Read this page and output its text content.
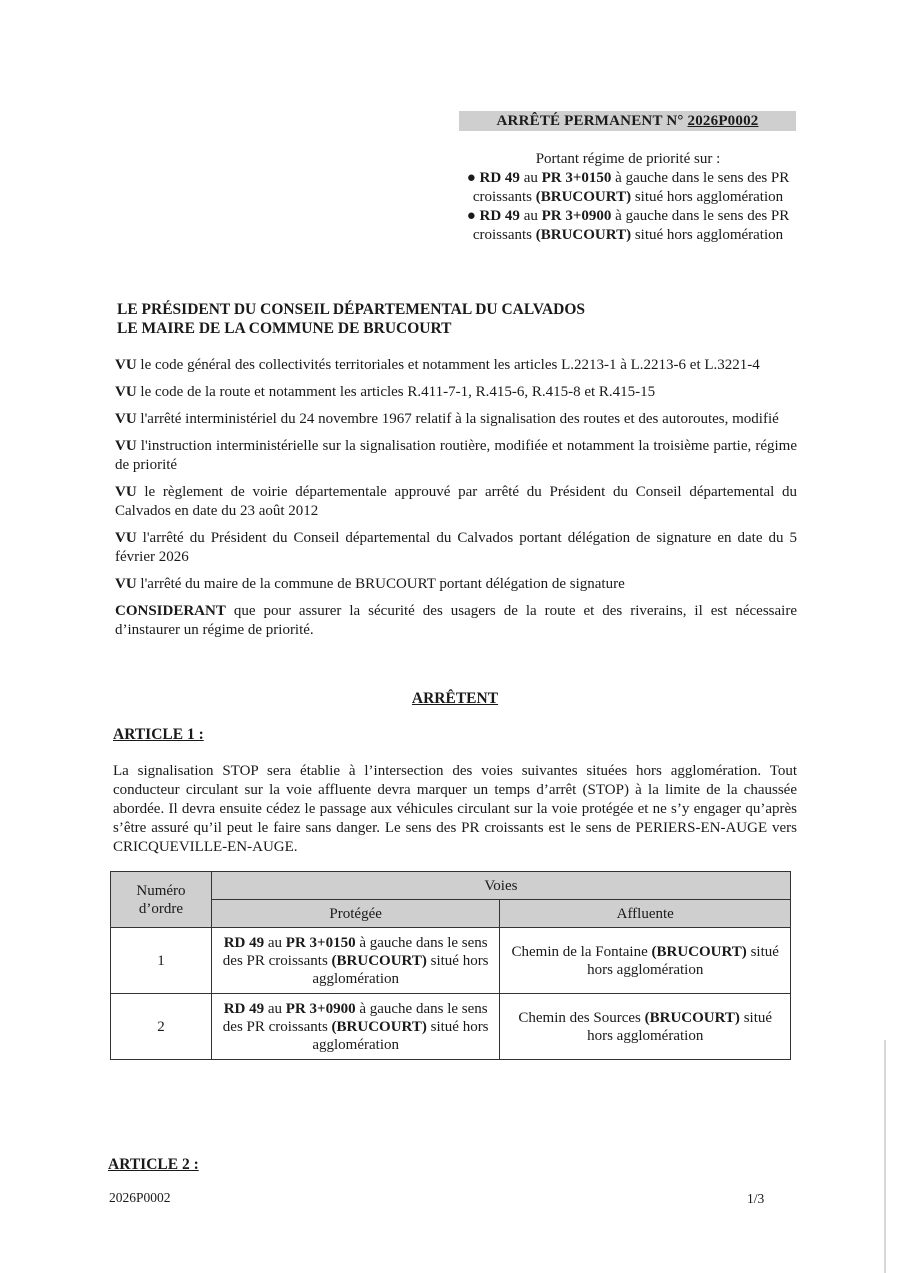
ARRÊTÉ PERMANENT N° 2026P0002

Portant régime de priorité sur :

● RD 49 au PR 3+0150 à gauche dans le sens des PR croissants (BRUCOURT) situé hors agglomération

● RD 49 au PR 3+0900 à gauche dans le sens des PR croissants (BRUCOURT) situé hors agglomération

LE PRÉSIDENT DU CONSEIL DÉPARTEMENTAL DU CALVADOS
LE MAIRE DE LA COMMUNE DE BRUCOURT

VU le code général des collectivités territoriales et notamment les articles L.2213-1 à L.2213-6 et L.3221-4

VU le code de la route et notamment les articles R.411-7-1, R.415-6, R.415-8 et R.415-15

VU l'arrêté interministériel du 24 novembre 1967 relatif à la signalisation des routes et des autoroutes, modifié

VU l'instruction interministérielle sur la signalisation routière, modifiée et notamment la troisième partie, régime de priorité

VU le règlement de voirie départementale approuvé par arrêté du Président du Conseil départemental du Calvados en date du 23 août 2012

VU l'arrêté du Président du Conseil départemental du Calvados portant délégation de signature en date du 5 février 2026

VU l'arrêté du maire de la commune de BRUCOURT portant délégation de signature

CONSIDERANT que pour assurer la sécurité des usagers de la route et des riverains, il est nécessaire d’instaurer un régime de priorité.

ARRÊTENT
ARTICLE 1 :
La signalisation STOP sera établie à l’intersection des voies suivantes situées hors agglomération. Tout conducteur circulant sur la voie affluente devra marquer un temps d’arrêt (STOP) à la limite de la chaussée abordée. Il devra ensuite cédez le passage aux véhicules circulant sur la voie protégée et ne s’y engager qu’après s’être assuré qu’il peut le faire sans danger. Le sens des PR croissants est le sens de PERIERS-EN-AUGE vers CRICQUEVILLE-EN-AUGE.
Numéro
d’ordre	Voies	
	Protégée	Affluente
1	RD 49 au PR 3+0150 à gauche dans le sens des PR croissants (BRUCOURT) situé hors agglomération	Chemin de la Fontaine (BRUCOURT) situé hors agglomération
2	RD 49 au PR 3+0900 à gauche dans le sens des PR croissants (BRUCOURT) situé hors agglomération	Chemin des Sources (BRUCOURT) situé hors agglomération
ARTICLE 2 :
2026P0002	1/3
